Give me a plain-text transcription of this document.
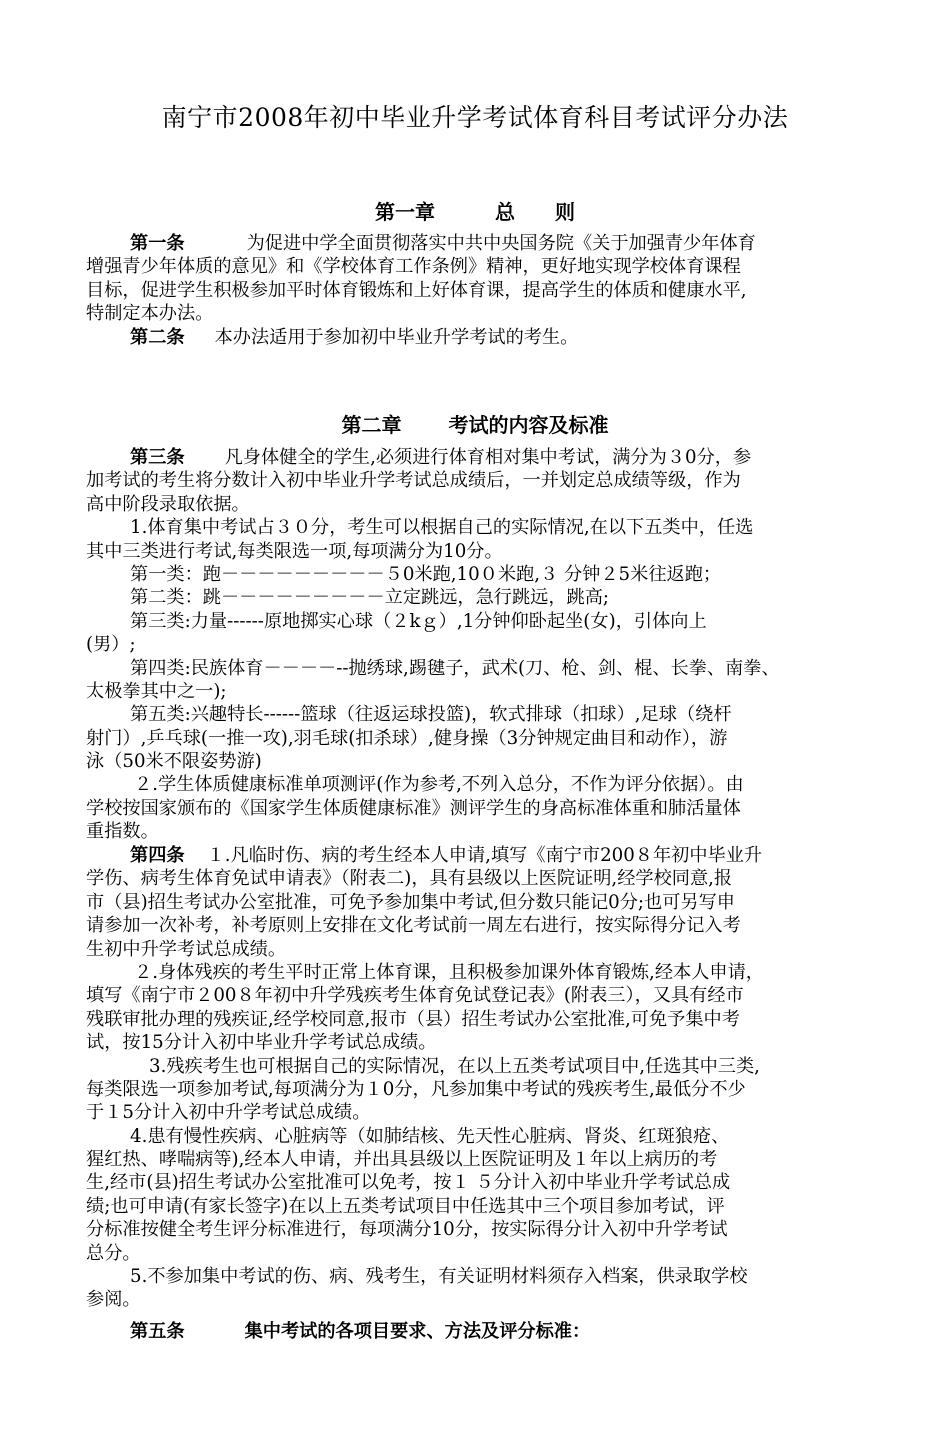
南宁市2008年初中毕业升学考试体育科目考试评分办法
第一章　　　总　　则
第一条	为促进中学全面贯彻落实中共中央国务院《关于加强青少年体育
增强青少年体质的意见》和《学校体育工作条例》精神，更好地实现学校体育课程
目标，促进学生积极参加平时体育锻炼和上好体育课，提高学生的体质和健康水平,
特制定本办法。
第二条 本办法适用于参加初中毕业升学考试的考生。
第二章　　 考试的内容及标准
第三条 凡身体健全的学生,必须进行体育相对集中考试，满分为３0分，参
加考试的考生将分数计入初中毕业升学考试总成绩后，一并划定总成绩等级，作为
高中阶段录取依据。
1.体育集中考试占３０分，考生可以根据自己的实际情况,在以下五类中，任选
其中三类进行考试,每类限选一项,每项满分为10分。
第一类：跑－－－－－－－－－５0米跑,10０米跑,３ 分钟２5米往返跑；
第二类：跳－－－－－－－－－立定跳远，急行跳远，跳高;
第三类:力量------原地掷实心球（２kｇ）,1分钟仰卧起坐(女)，引体向上
(男）;
第四类:民族体育－－－－--抛绣球,踢毽子，武术(刀、枪、剑、棍、长拳、南拳、
太极拳其中之一);
第五类:兴趣特长------篮球（往返运球投篮)，软式排球（扣球）,足球（绕杆
射门）,乒乓球(一推一攻),羽毛球(扣杀球）,健身操（3分钟规定曲目和动作），游
泳（50米不限姿势游)
２.学生体质健康标准单项测评(作为参考,不列入总分，不作为评分依据）。由
学校按国家颁布的《国家学生体质健康标准》测评学生的身高标准体重和肺活量体
重指数。
第四条 １.凡临时伤、病的考生经本人申请,填写《南宁市200８年初中毕业升
学伤、病考生体育免试申请表》（附表二)，具有县级以上医院证明,经学校同意,报
市（县)招生考试办公室批准，可免予参加集中考试,但分数只能记0分;也可另写申
请参加一次补考，补考原则上安排在文化考试前一周左右进行，按实际得分记入考
生初中升学考试总成绩。
２.身体残疾的考生平时正常上体育课，且积极参加课外体育锻炼,经本人申请，
填写《南宁市２00８年初中升学残疾考生体育免试登记表》(附表三），又具有经市
残联审批办理的残疾证,经学校同意,报市（县）招生考试办公室批准,可免予集中考
试，按15分计入初中毕业升学考试总成绩。
3.残疾考生也可根据自己的实际情况，在以上五类考试项目中,任选其中三类,
每类限选一项参加考试,每项满分为１0分，凡参加集中考试的残疾考生,最低分不少
于１5分计入初中升学考试总成绩。
4.患有慢性疾病、心脏病等（如肺结核、先天性心脏病、肾炎、红斑狼疮、
猩红热、哮喘病等),经本人申请，并出具县级以上医院证明及１年以上病历的考
生,经市(县)招生考试办公室批准可以免考，按１ ５分计入初中毕业升学考试总成
绩;也可申请(有家长签字)在以上五类考试项目中任选其中三个项目参加考试，评
分标准按健全考生评分标准进行，每项满分10分，按实际得分计入初中升学考试
总分。
5.不参加集中考试的伤、病、残考生，有关证明材料须存入档案，供录取学校
参阅。
第五条	集中考试的各项目要求、方法及评分标准：
